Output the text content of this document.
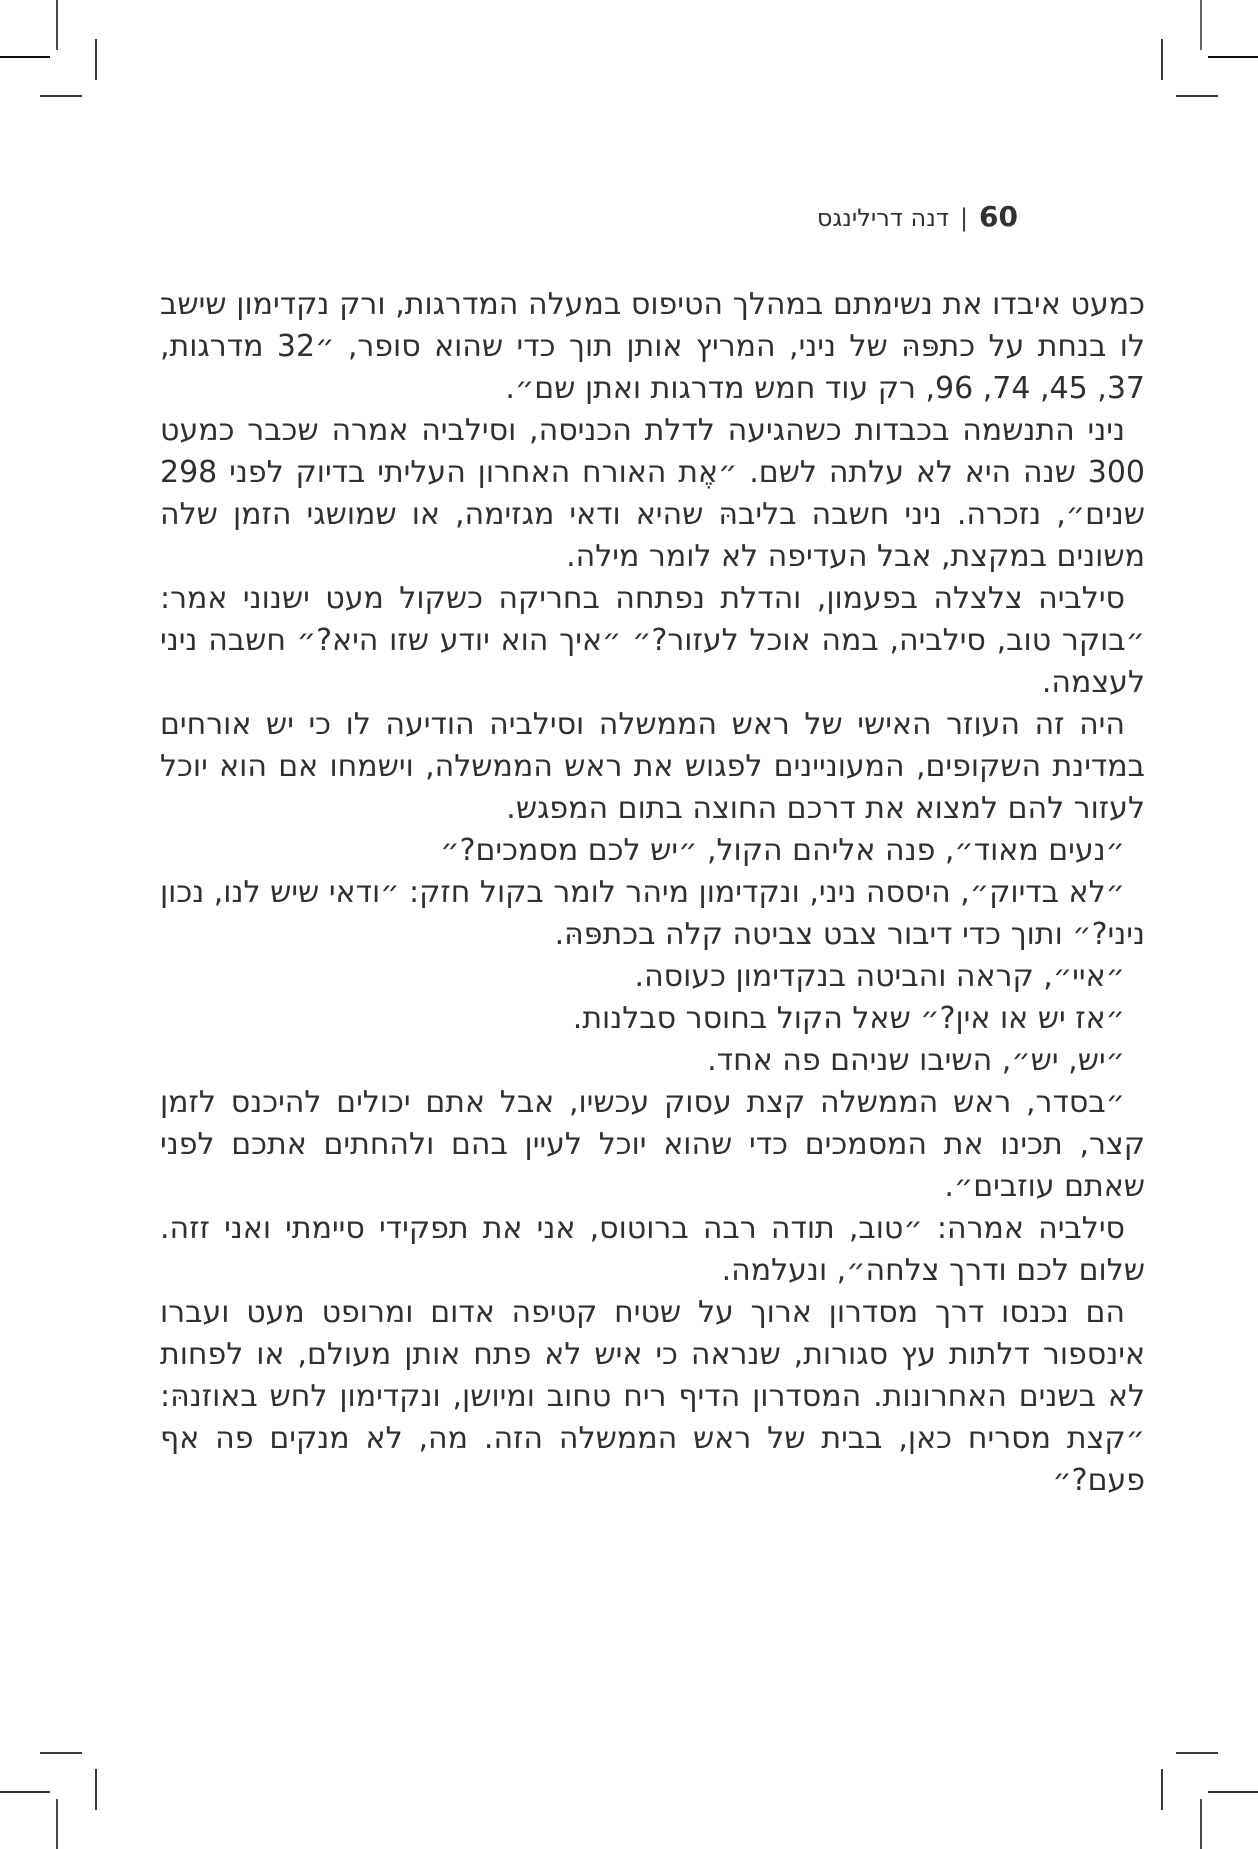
60|דנה דרילינגס

כמעט איבדו את נשימתם במהלך הטיפוס במעלה המדרגות, ורק נקדימון שישב לו בנחת על כתפּהּ של ניני, המריץ אותן תוך כדי שהוא סופר, ״32 מדרגות, 37, 45, 74, 96, רק עוד חמש מדרגות ואתן שם״.

ניני התנשמה בכבדות כשהגיעה לדלת הכניסה, וסילביה אמרה שכבר כמעט 300 שנה היא לא עלתה לשם. ״אֶת האורח האחרון העליתי בדיוק לפני 298 שנים״, נזכרה. ניני חשבה בליבהּ שהיא ודאי מגזימה, או שמושגי הזמן שלה משונים במקצת, אבל העדיפה לא לומר מילה.

סילביה צלצלה בפעמון, והדלת נפתחה בחריקה כשקול מעט ישנוני אמר: ״בוקר טוב, סילביה, במה אוכל לעזור?״ ״איך הוא יודע שזו היא?״ חשבה ניני לעצמה.

היה זה העוזר האישי של ראש הממשלה וסילביה הודיעה לו כי יש אורחים במדינת השקופים, המעוניינים לפגוש את ראש הממשלה, וישמחו אם הוא יוכל לעזור להם למצוא את דרכם החוצה בתום המפגש.

״נעים מאוד״, פנה אליהם הקול, ״יש לכם מסמכים?״

״לא בדיוק״, היססה ניני, ונקדימון מיהר לומר בקול חזק: ״ודאי שיש לנו, נכון ניני?״ ותוך כדי דיבור צבט צביטה קלה בכתפּהּ.

״איי״, קראה והביטה בנקדימון כעוסה.

״אז יש או אין?״ שאל הקול בחוסר סבלנות.

״יש, יש״, השיבו שניהם פה אחד.

״בסדר, ראש הממשלה קצת עסוק עכשיו, אבל אתם יכולים להיכנס לזמן קצר, תכינו את המסמכים כדי שהוא יוכל לעיין בהם ולהחתים אתכם לפני שאתם עוזבים״.

סילביה אמרה: ״טוב, תודה רבה ברוטוס, אני את תפקידי סיימתי ואני זזה. שלום לכם ודרך צלחה״, ונעלמה.

הם נכנסו דרך מסדרון ארוך על שטיח קטיפה אדום ומרופט מעט ועברו אינספור דלתות עץ סגורות, שנראה כי איש לא פתח אותן מעולם, או לפחות לא בשנים האחרונות. המסדרון הדיף ריח טחוב ומיושן, ונקדימון לחש באוזנהּ: ״קצת מסריח כאן, בבית של ראש הממשלה הזה. מה, לא מנקים פה אף פעם?״
